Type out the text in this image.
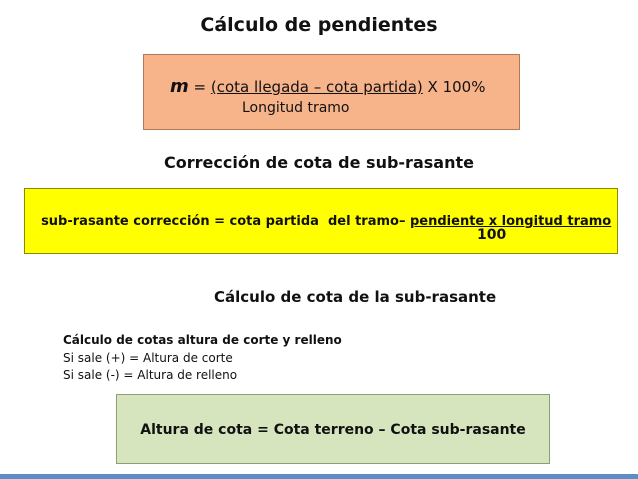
Cálculo de pendientes
m = (cota llegada – cota partida) X 100%
Longitud tramo
Corrección de cota de sub-rasante

sub-rasante corrección = cota partida  del tramo– pendiente x longitud tramo

100
Cálculo de cota de la sub-rasante
Cálculo de cotas altura de corte y relleno
Si sale (+) = Altura de corte
Si sale (-) = Altura de relleno
Altura de cota = Cota terreno – Cota sub-rasante
